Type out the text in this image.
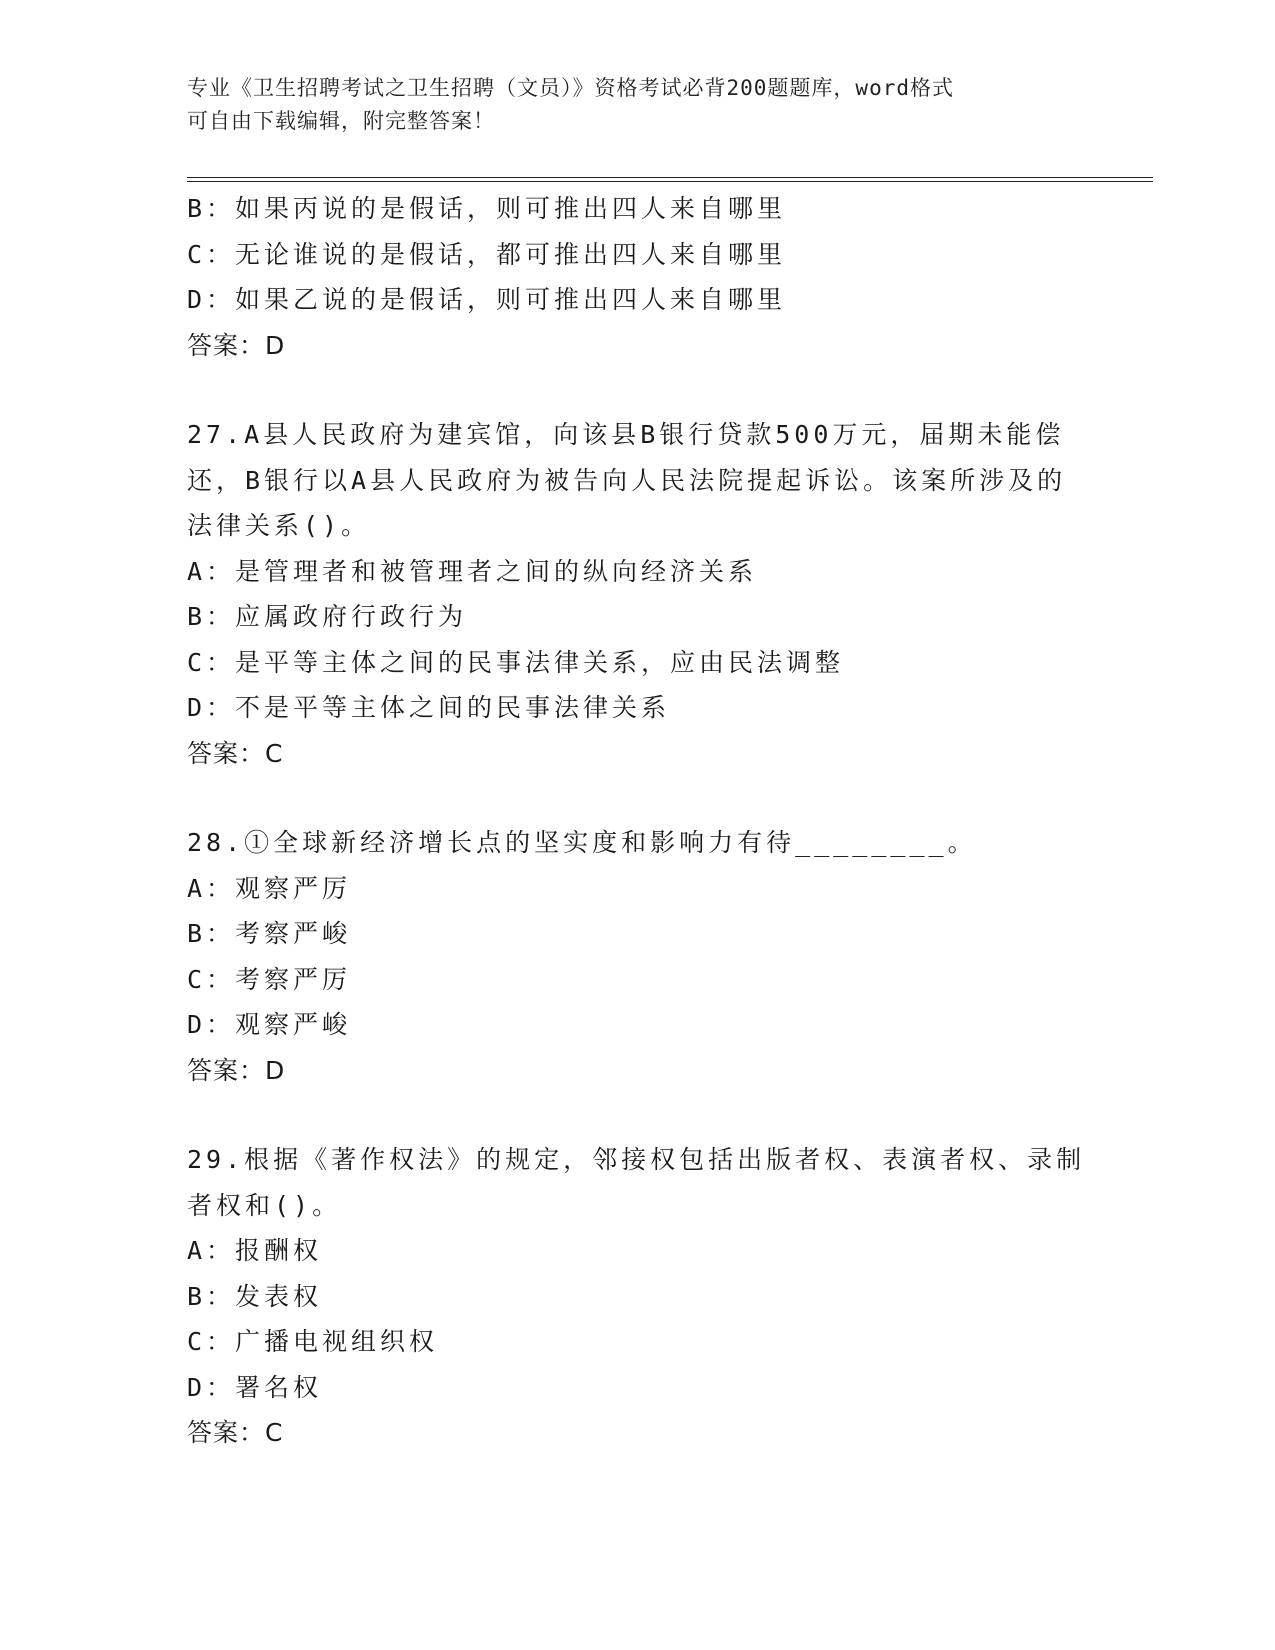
专业《卫生招聘考试之卫生招聘（文员）》资格考试必背200题题库，word格式
可自由下载编辑，附完整答案！
B：如果丙说的是假话，则可推出四人来自哪里
C：无论谁说的是假话，都可推出四人来自哪里
D：如果乙说的是假话，则可推出四人来自哪里
答案：D
27.A县人民政府为建宾馆，向该县B银行贷款500万元，届期未能偿
还，B银行以A县人民政府为被告向人民法院提起诉讼。该案所涉及的
法律关系()。
A：是管理者和被管理者之间的纵向经济关系
B：应属政府行政行为
C：是平等主体之间的民事法律关系，应由民法调整
D：不是平等主体之间的民事法律关系
答案：C
28.①全球新经济增长点的坚实度和影响力有待________。
A：观察严厉
B：考察严峻
C：考察严厉
D：观察严峻
答案：D
29.根据《著作权法》的规定，邻接权包括出版者权、表演者权、录制
者权和()。
A：报酬权
B：发表权
C：广播电视组织权
D：署名权
答案：C
